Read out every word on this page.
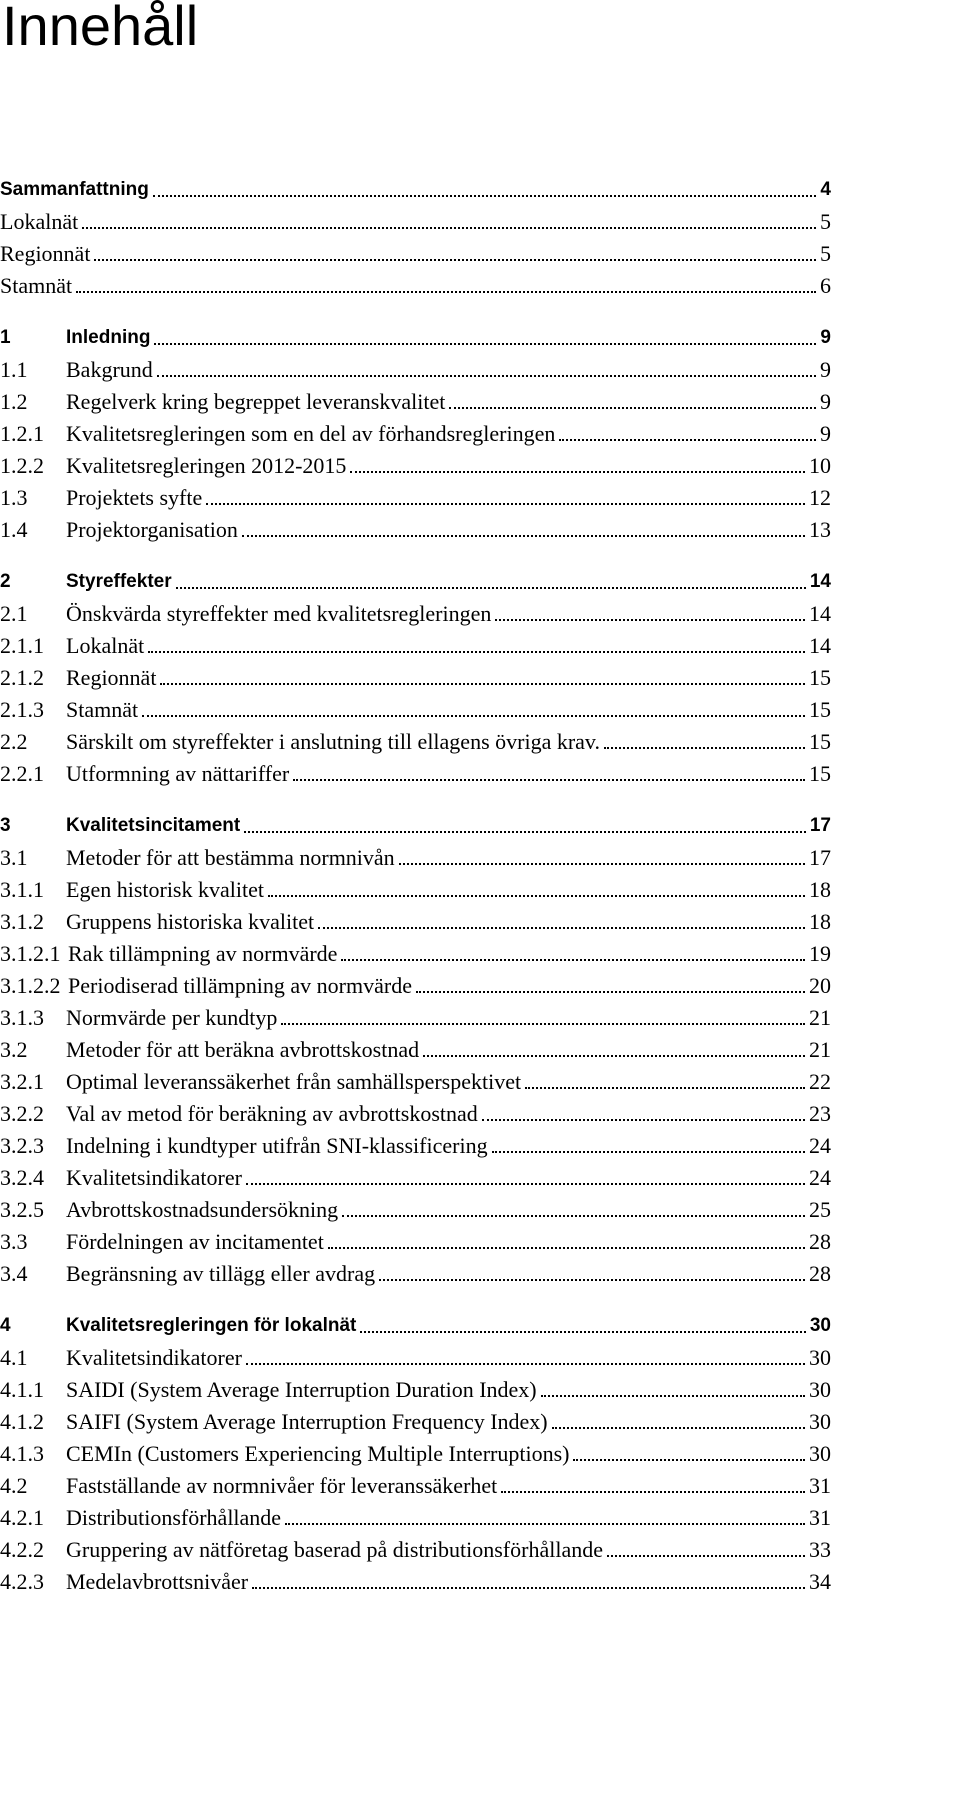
Innehåll
Sammanfattning	4
Lokalnät	5
Regionnät	5
Stamnät	6
1	Inledning	9
1.1	Bakgrund	9
1.2	Regelverk kring begreppet leveranskvalitet	9
1.2.1	Kvalitetsregleringen som en del av förhandsregleringen	9
1.2.2	Kvalitetsregleringen 2012-2015	10
1.3	Projektets syfte	12
1.4	Projektorganisation	13
2	Styreffekter	14
2.1	Önskvärda styreffekter med kvalitetsregleringen	14
2.1.1	Lokalnät	14
2.1.2	Regionnät	15
2.1.3	Stamnät	15
2.2	Särskilt om styreffekter i anslutning till ellagens övriga krav.	15
2.2.1	Utformning av nättariffer	15
3	Kvalitetsincitament	17
3.1	Metoder för att bestämma normnivån	17
3.1.1	Egen historisk kvalitet	18
3.1.2	Gruppens historiska kvalitet	18
3.1.2.1 Rak tillämpning av normvärde	19
3.1.2.2 Periodiserad tillämpning av normvärde	20
3.1.3	Normvärde per kundtyp	21
3.2	Metoder för att beräkna avbrottskostnad	21
3.2.1	Optimal leveranssäkerhet från samhällsperspektivet	22
3.2.2	Val av metod för beräkning av avbrottskostnad	23
3.2.3	Indelning i kundtyper utifrån SNI-klassificering	24
3.2.4	Kvalitetsindikatorer	24
3.2.5	Avbrottskostnadsundersökning	25
3.3	Fördelningen av incitamentet	28
3.4	Begränsning av tillägg eller avdrag	28
4	Kvalitetsregleringen för lokalnät	30
4.1	Kvalitetsindikatorer	30
4.1.1	SAIDI (System Average Interruption Duration Index)	30
4.1.2	SAIFI (System Average Interruption Frequency Index)	30
4.1.3	CEMIn (Customers Experiencing Multiple Interruptions)	30
4.2	Fastställande av normnivåer för leveranssäkerhet	31
4.2.1	Distributionsförhållande	31
4.2.2	Gruppering av nätföretag baserad på distributionsförhållande	33
4.2.3	Medelavbrottsnivåer	34
